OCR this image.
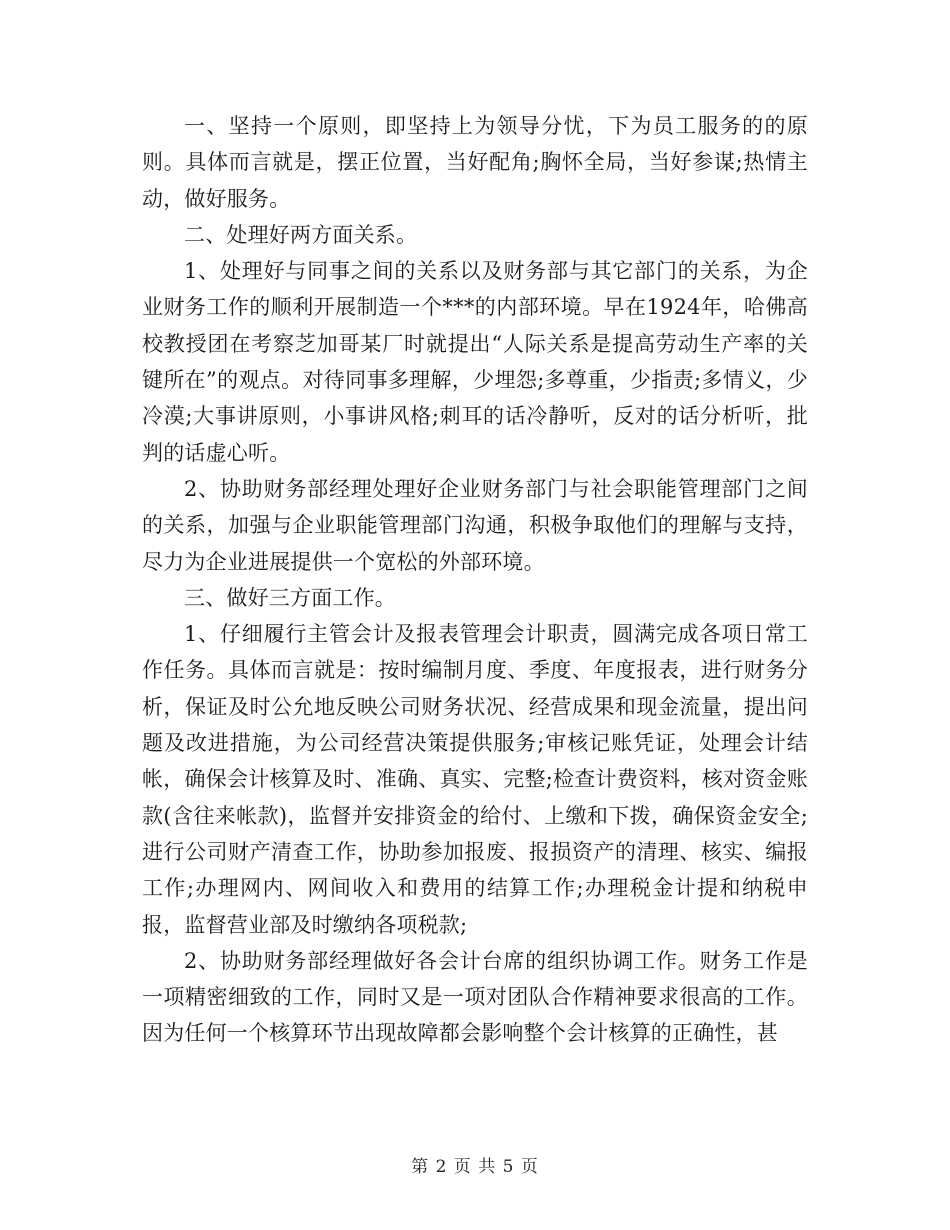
一、坚持一个原则，即坚持上为领导分忧，下为员工服务的的原则。具体而言就是，摆正位置，当好配角;胸怀全局，当好参谋;热情主动，做好服务。

二、处理好两方面关系。

1、处理好与同事之间的关系以及财务部与其它部门的关系，为企业财务工作的顺利开展制造一个***的内部环境。早在1924年，哈佛高校教授团在考察芝加哥某厂时就提出“人际关系是提高劳动生产率的关键所在”的观点。对待同事多理解，少埋怨;多尊重，少指责;多情义，少冷漠;大事讲原则，小事讲风格;刺耳的话冷静听，反对的话分析听，批判的话虚心听。

2、协助财务部经理处理好企业财务部门与社会职能管理部门之间的关系，加强与企业职能管理部门沟通，积极争取他们的理解与支持，尽力为企业进展提供一个宽松的外部环境。

三、做好三方面工作。

1、仔细履行主管会计及报表管理会计职责，圆满完成各项日常工作任务。具体而言就是：按时编制月度、季度、年度报表，进行财务分析，保证及时公允地反映公司财务状况、经营成果和现金流量，提出问题及改进措施，为公司经营决策提供服务;审核记账凭证，处理会计结帐，确保会计核算及时、准确、真实、完整;检查计费资料，核对资金账款(含往来帐款)，监督并安排资金的给付、上缴和下拨，确保资金安全;进行公司财产清查工作，协助参加报废、报损资产的清理、核实、编报工作;办理网内、网间收入和费用的结算工作;办理税金计提和纳税申报，监督营业部及时缴纳各项税款;

2、协助财务部经理做好各会计台席的组织协调工作。财务工作是一项精密细致的工作，同时又是一项对团队合作精神要求很高的工作。因为任何一个核算环节出现故障都会影响整个会计核算的正确性，甚

第 2 页 共 5 页
